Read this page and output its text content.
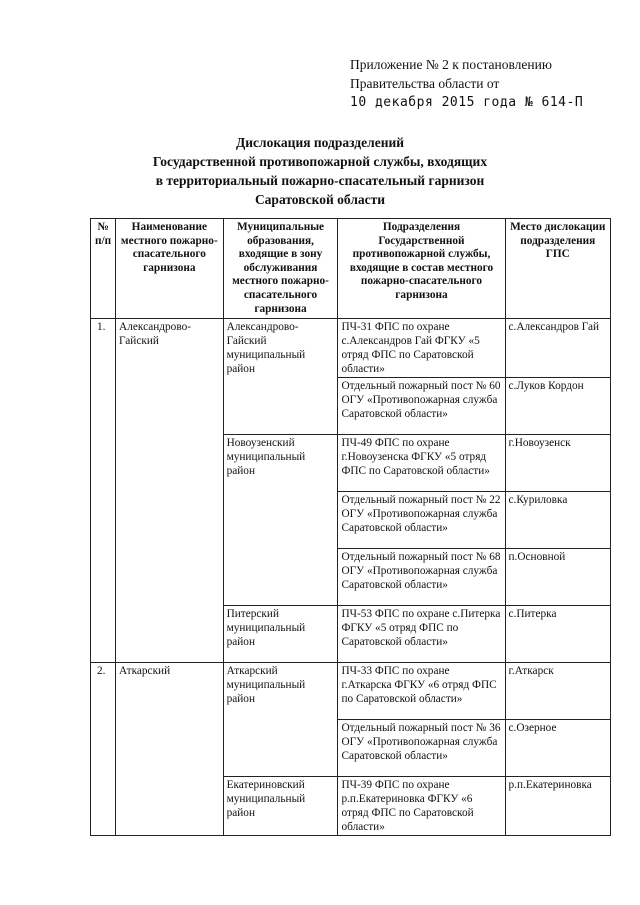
Приложение № 2 к постановлению
Правительства области от
10 декабря 2015 года № 614-П
Дислокация подразделений
Государственной противопожарной службы, входящих
в территориальный пожарно-спасательный гарнизон
Саратовской области
№ п/п	Наименование местного пожарно-спасательного гарнизона	Муниципальные образования, входящие в зону обслуживания местного пожарно-спасательного гарнизона	Подразделения Государственной противопожарной службы, входящие в состав местного пожарно-спасательного гарнизона	Место дислокации подразделения ГПС
1.	Александрово-Гайский	Александрово-Гайский муниципальный район	ПЧ-31 ФПС по охране с.Александров Гай ФГКУ «5 отряд ФПС по Саратовской области»	с.Александров Гай
			Отдельный пожарный пост № 60 ОГУ «Противопожарная служба Саратовской области»	с.Луков Кордон
		Новоузенский муниципальный район	ПЧ-49 ФПС по охране г.Новоузенска ФГКУ «5 отряд ФПС по Саратовской области»	г.Новоузенск
			Отдельный пожарный пост № 22 ОГУ «Противопожарная служба Саратовской области»	с.Куриловка
			Отдельный пожарный пост № 68 ОГУ «Противопожарная служба Саратовской области»	п.Основной
		Питерский муниципальный район	ПЧ-53 ФПС по охране с.Питерка ФГКУ «5 отряд ФПС по Саратовской области»	с.Питерка
2.	Аткарский	Аткарский муниципальный район	ПЧ-33 ФПС по охране г.Аткарска ФГКУ «6 отряд ФПС по Саратовской области»	г.Аткарск
			Отдельный пожарный пост № 36 ОГУ «Противопожарная служба Саратовской области»	с.Озерное
		Екатериновский муниципальный район	ПЧ-39 ФПС по охране р.п.Екатериновка ФГКУ «6 отряд ФПС по Саратовской области»	р.п.Екатериновка
